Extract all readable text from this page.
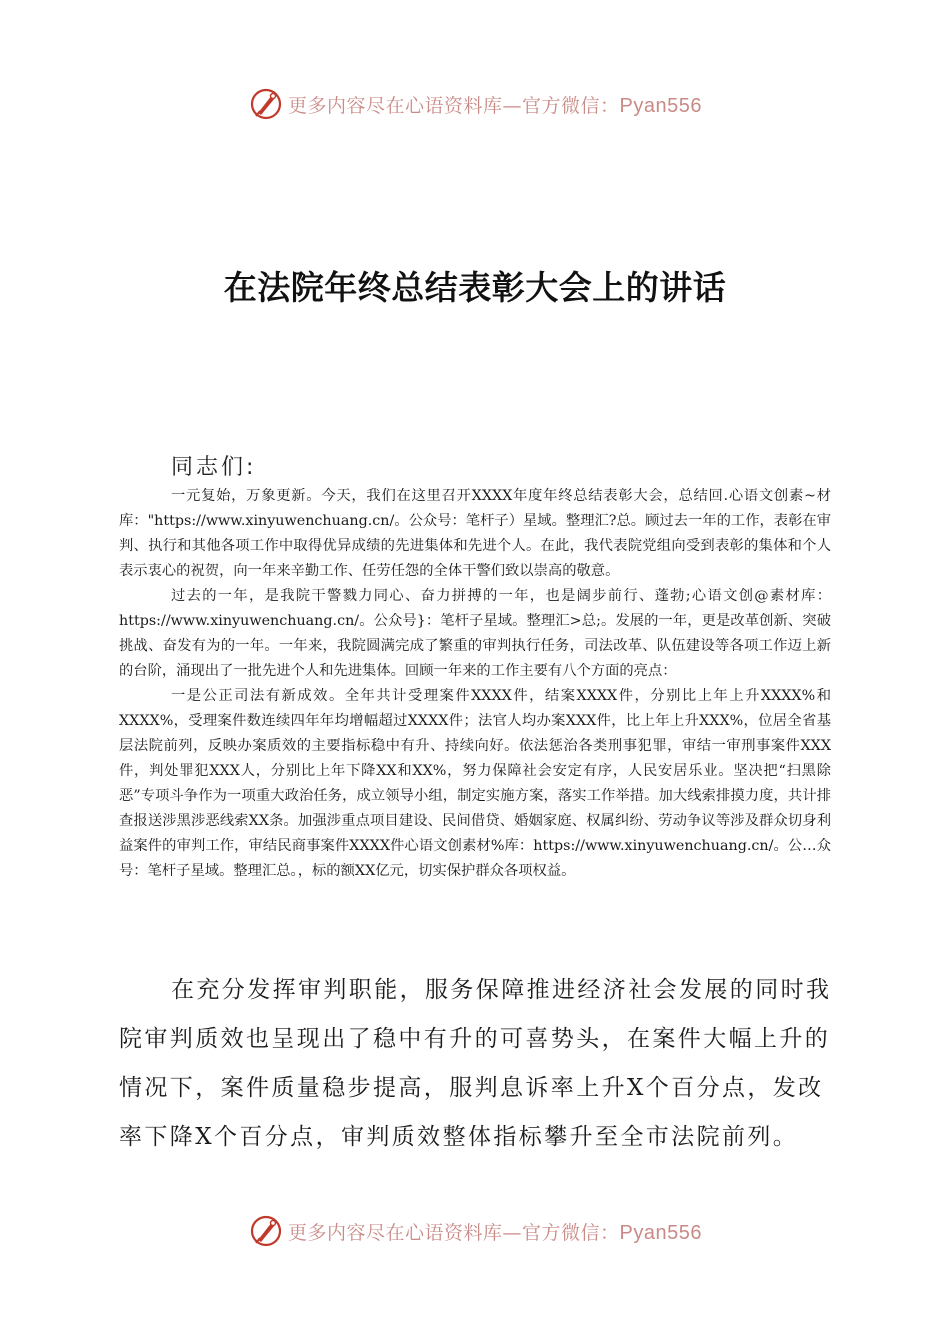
更多内容尽在心语资料库—官方微信：Pyan556
在法院年终总结表彰大会上的讲话
同志们:

一元复始，万象更新。今天，我们在这里召开XXXX年度年终总结表彰大会，总结回.心语文创素~材库："https://www.xinyuwenchuang.cn/。公众号：笔杆子）星域。整理汇?总。顾过去一年的工作，表彰在审判、执行和其他各项工作中取得优异成绩的先进集体和先进个人。在此，我代表院党组向受到表彰的集体和个人表示衷心的祝贺，向一年来辛勤工作、任劳任怨的全体干警们致以崇高的敬意。

过去的一年，是我院干警戮力同心、奋力拼搏的一年，也是阔步前行、蓬勃;心语文创@素材库：https://www.xinyuwenchuang.cn/。公众号}：笔杆子星域。整理汇>总;。发展的一年，更是改革创新、突破挑战、奋发有为的一年。一年来，我院圆满完成了繁重的审判执行任务，司法改革、队伍建设等各项工作迈上新的台阶，涌现出了一批先进个人和先进集体。回顾一年来的工作主要有八个方面的亮点：

一是公正司法有新成效。全年共计受理案件XXXX件，结案XXXX件，分别比上年上升XXXX%和XXXX%，受理案件数连续四年年均增幅超过XXXX件；法官人均办案XXX件，比上年上升XXX%，位居全省基层法院前列，反映办案质效的主要指标稳中有升、持续向好。依法惩治各类刑事犯罪，审结一审刑事案件XXX件，判处罪犯XXX人，分别比上年下降XX和XX%，努力保障社会安定有序，人民安居乐业。坚决把“扫黑除恶”专项斗争作为一项重大政治任务，成立领导小组，制定实施方案，落实工作举措。加大线索排摸力度，共计排查报送涉黑涉恶线索XX条。加强涉重点项目建设、民间借贷、婚姻家庭、权属纠纷、劳动争议等涉及群众切身利益案件的审判工作，审结民商事案件XXXX件心语文创素材%库：https://www.xinyuwenchuang.cn/。公…众号：笔杆子星域。整理汇总。，标的额XX亿元，切实保护群众各项权益。

在充分发挥审判职能，服务保障推进经济社会发展的同时我院审判质效也呈现出了稳中有升的可喜势头，在案件大幅上升的情况下，案件质量稳步提高，服判息诉率上升X个百分点，发改率下降X个百分点，审判质效整体指标攀升至全市法院前列。

更多内容尽在心语资料库—官方微信：Pyan556
